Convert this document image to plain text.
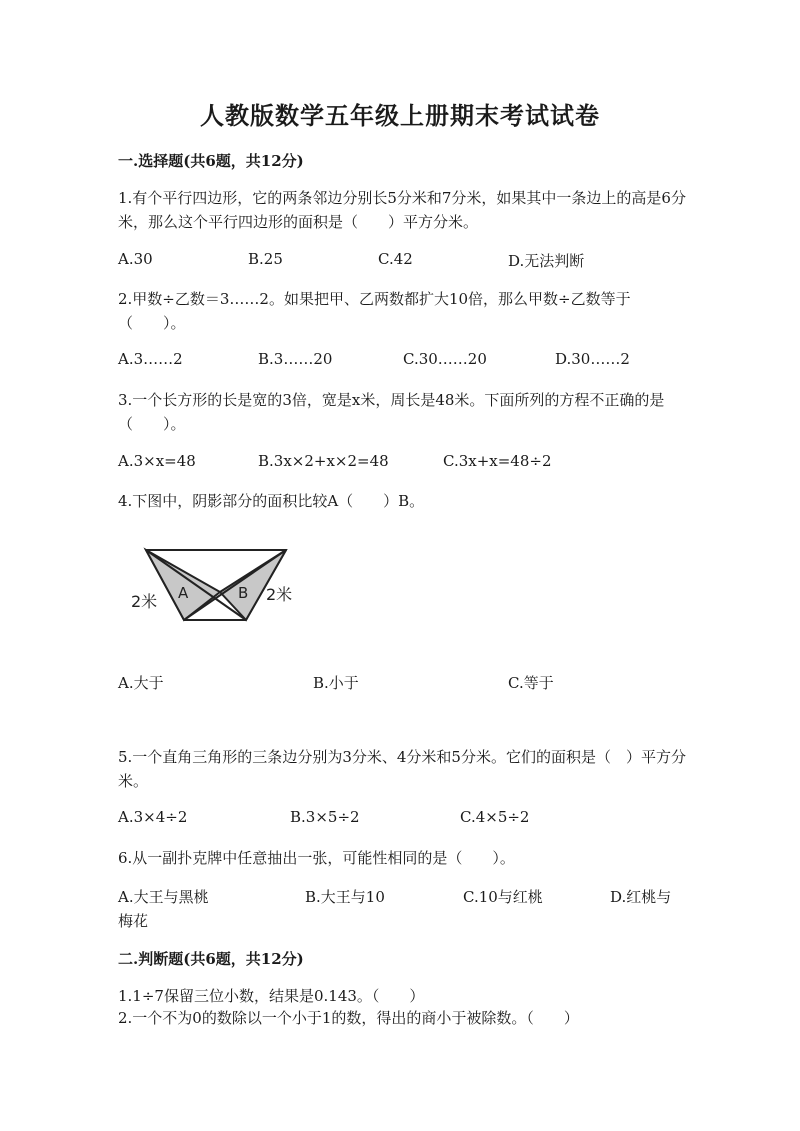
人教版数学五年级上册期末考试试卷
一.选择题(共6题，共12分)
1.有个平行四边形，它的两条邻边分别长5分米和7分米，如果其中一条边上的高是6分米，那么这个平行四边形的面积是（　　）平方分米。
A.30	B.25	C.42	D.无法判断
2.甲数÷乙数＝3……2。如果把甲、乙两数都扩大10倍，那么甲数÷乙数等于（　　）。
A.3……2	B.3……20	C.30……20	D.30……2
3.一个长方形的长是宽的3倍，宽是x米，周长是48米。下面所列的方程不正确的是（　　）。
A.3×x=48	B.3x×2+x×2=48	C.3x+x=48÷2
4.下图中，阴影部分的面积比较A（　　）B。
A	B
2米	2米
A.大于	B.小于	C.等于
5.一个直角三角形的三条边分别为3分米、4分米和5分米。它们的面积是（　）平方分米。
A.3×4÷2	B.3×5÷2	C.4×5÷2
6.从一副扑克牌中任意抽出一张，可能性相同的是（　　）。
A.大王与黑桃	B.大王与10	C.10与红桃	D.红桃与
梅花
二.判断题(共6题，共12分)
1.1÷7保留三位小数，结果是0.143。（　　）
2.一个不为0的数除以一个小于1的数，得出的商小于被除数。（　　）
